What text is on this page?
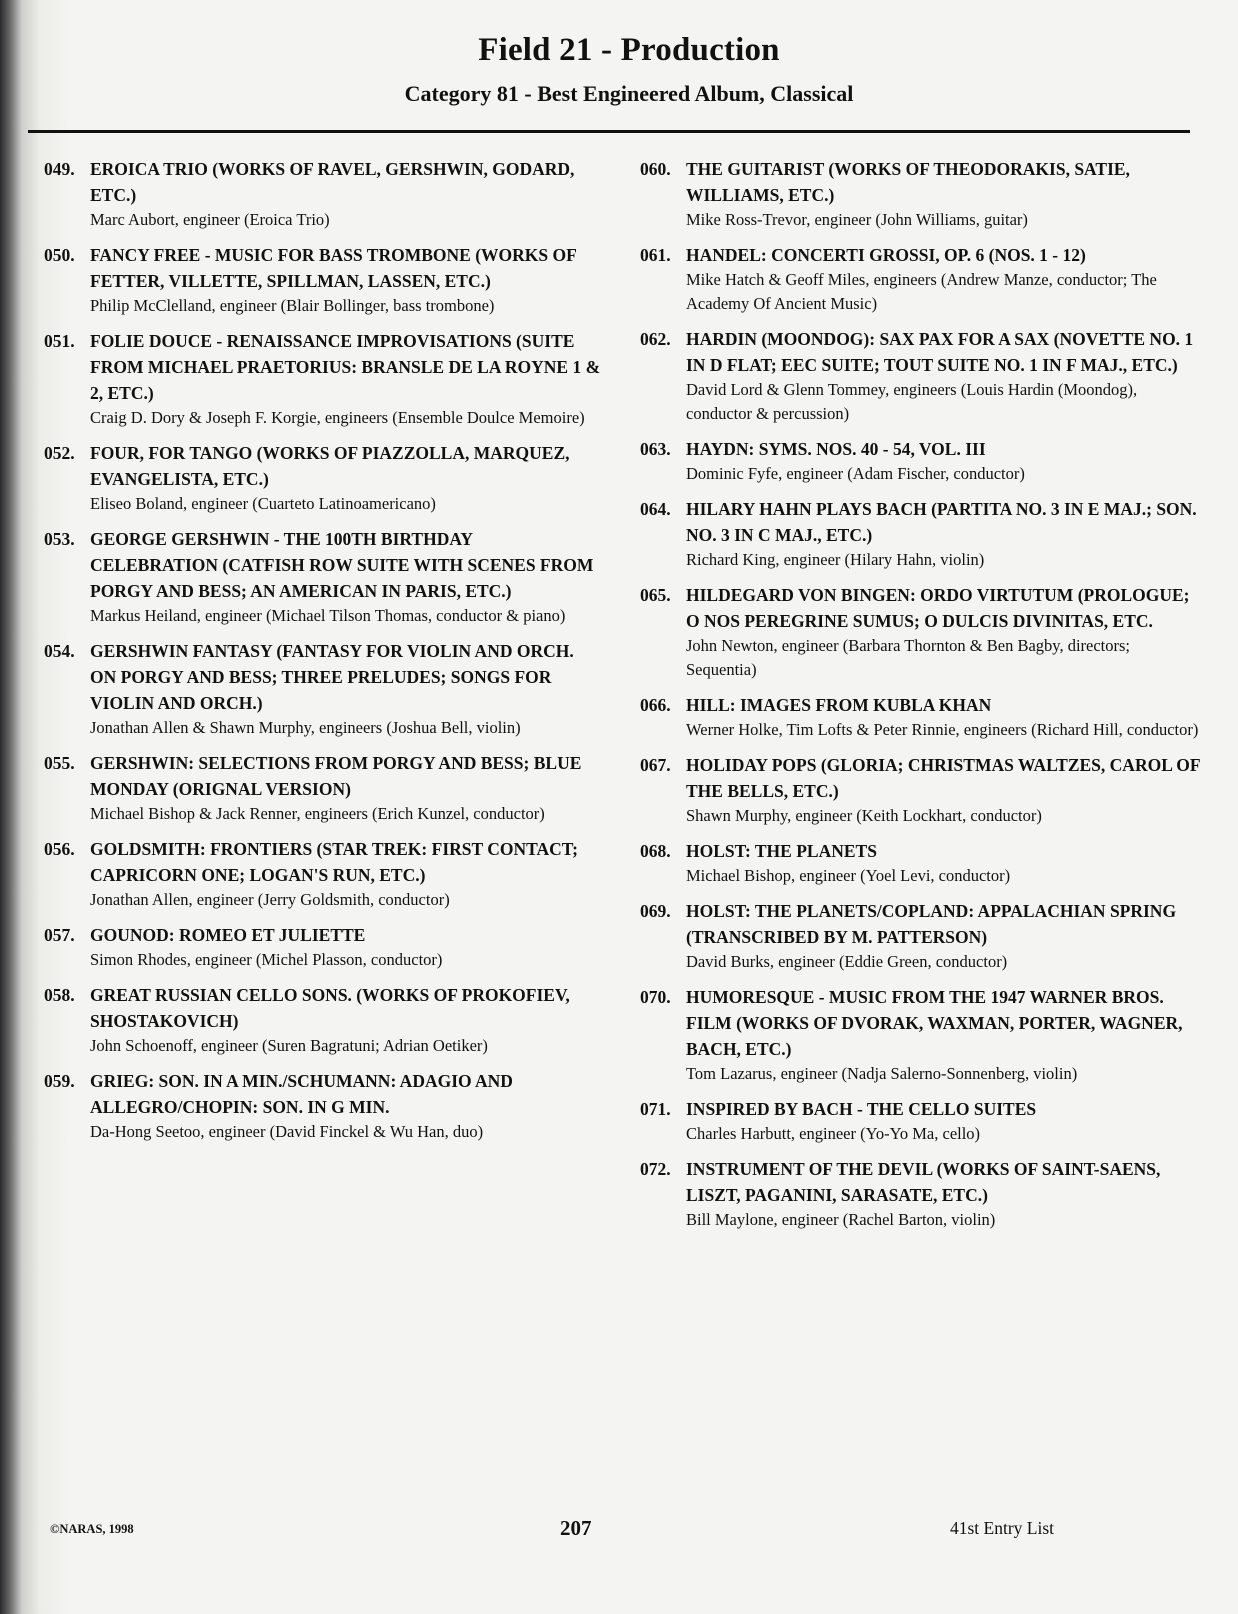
Field 21 - Production
Category 81 - Best Engineered Album, Classical
049. EROICA TRIO (WORKS OF RAVEL, GERSHWIN, GODARD, ETC.)
Marc Aubort, engineer (Eroica Trio)
050. FANCY FREE - MUSIC FOR BASS TROMBONE (WORKS OF FETTER, VILLETTE, SPILLMAN, LASSEN, ETC.)
Philip McClelland, engineer (Blair Bollinger, bass trombone)
051. FOLIE DOUCE - RENAISSANCE IMPROVISATIONS (SUITE FROM MICHAEL PRAETORIUS: BRANSLE DE LA ROYNE 1 & 2, ETC.)
Craig D. Dory & Joseph F. Korgie, engineers (Ensemble Doulce Memoire)
052. FOUR, FOR TANGO (WORKS OF PIAZZOLLA, MARQUEZ, EVANGELISTA, ETC.)
Eliseo Boland, engineer (Cuarteto Latinoamericano)
053. GEORGE GERSHWIN - THE 100TH BIRTHDAY CELEBRATION (CATFISH ROW SUITE WITH SCENES FROM PORGY AND BESS; AN AMERICAN IN PARIS, ETC.)
Markus Heiland, engineer (Michael Tilson Thomas, conductor & piano)
054. GERSHWIN FANTASY (FANTASY FOR VIOLIN AND ORCH. ON PORGY AND BESS; THREE PRELUDES; SONGS FOR VIOLIN AND ORCH.)
Jonathan Allen & Shawn Murphy, engineers (Joshua Bell, violin)
055. GERSHWIN: SELECTIONS FROM PORGY AND BESS; BLUE MONDAY (ORIGNAL VERSION)
Michael Bishop & Jack Renner, engineers (Erich Kunzel, conductor)
056. GOLDSMITH: FRONTIERS (STAR TREK: FIRST CONTACT; CAPRICORN ONE; LOGAN'S RUN, ETC.)
Jonathan Allen, engineer (Jerry Goldsmith, conductor)
057. GOUNOD: ROMEO ET JULIETTE
Simon Rhodes, engineer (Michel Plasson, conductor)
058. GREAT RUSSIAN CELLO SONS. (WORKS OF PROKOFIEV, SHOSTAKOVICH)
John Schoenoff, engineer (Suren Bagratuni; Adrian Oetiker)
059. GRIEG: SON. IN A MIN./SCHUMANN: ADAGIO AND ALLEGRO/CHOPIN: SON. IN G MIN.
Da-Hong Seetoo, engineer (David Finckel & Wu Han, duo)
060. THE GUITARIST (WORKS OF THEODORAKIS, SATIE, WILLIAMS, ETC.)
Mike Ross-Trevor, engineer (John Williams, guitar)
061. HANDEL: CONCERTI GROSSI, OP. 6 (NOS. 1 - 12)
Mike Hatch & Geoff Miles, engineers (Andrew Manze, conductor; The Academy Of Ancient Music)
062. HARDIN (MOONDOG): SAX PAX FOR A SAX (NOVETTE NO. 1 IN D FLAT; EEC SUITE; TOUT SUITE NO. 1 IN F MAJ., ETC.)
David Lord & Glenn Tommey, engineers (Louis Hardin (Moondog), conductor & percussion)
063. HAYDN: SYMS. NOS. 40 - 54, VOL. III
Dominic Fyfe, engineer (Adam Fischer, conductor)
064. HILARY HAHN PLAYS BACH (PARTITA NO. 3 IN E MAJ.; SON. NO. 3 IN C MAJ., ETC.)
Richard King, engineer (Hilary Hahn, violin)
065. HILDEGARD VON BINGEN: ORDO VIRTUTUM (PROLOGUE; O NOS PEREGRINE SUMUS; O DULCIS DIVINITAS, ETC.
John Newton, engineer (Barbara Thornton & Ben Bagby, directors; Sequentia)
066. HILL: IMAGES FROM KUBLA KHAN
Werner Holke, Tim Lofts & Peter Rinnie, engineers (Richard Hill, conductor)
067. HOLIDAY POPS (GLORIA; CHRISTMAS WALTZES, CAROL OF THE BELLS, ETC.)
Shawn Murphy, engineer (Keith Lockhart, conductor)
068. HOLST: THE PLANETS
Michael Bishop, engineer (Yoel Levi, conductor)
069. HOLST: THE PLANETS/COPLAND: APPALACHIAN SPRING (TRANSCRIBED BY M. PATTERSON)
David Burks, engineer (Eddie Green, conductor)
070. HUMORESQUE - MUSIC FROM THE 1947 WARNER BROS. FILM (WORKS OF DVORAK, WAXMAN, PORTER, WAGNER, BACH, ETC.)
Tom Lazarus, engineer (Nadja Salerno-Sonnenberg, violin)
071. INSPIRED BY BACH - THE CELLO SUITES
Charles Harbutt, engineer (Yo-Yo Ma, cello)
072. INSTRUMENT OF THE DEVIL (WORKS OF SAINT-SAENS, LISZT, PAGANINI, SARASATE, ETC.)
Bill Maylone, engineer (Rachel Barton, violin)
©NARAS, 1998	207	41st Entry List
